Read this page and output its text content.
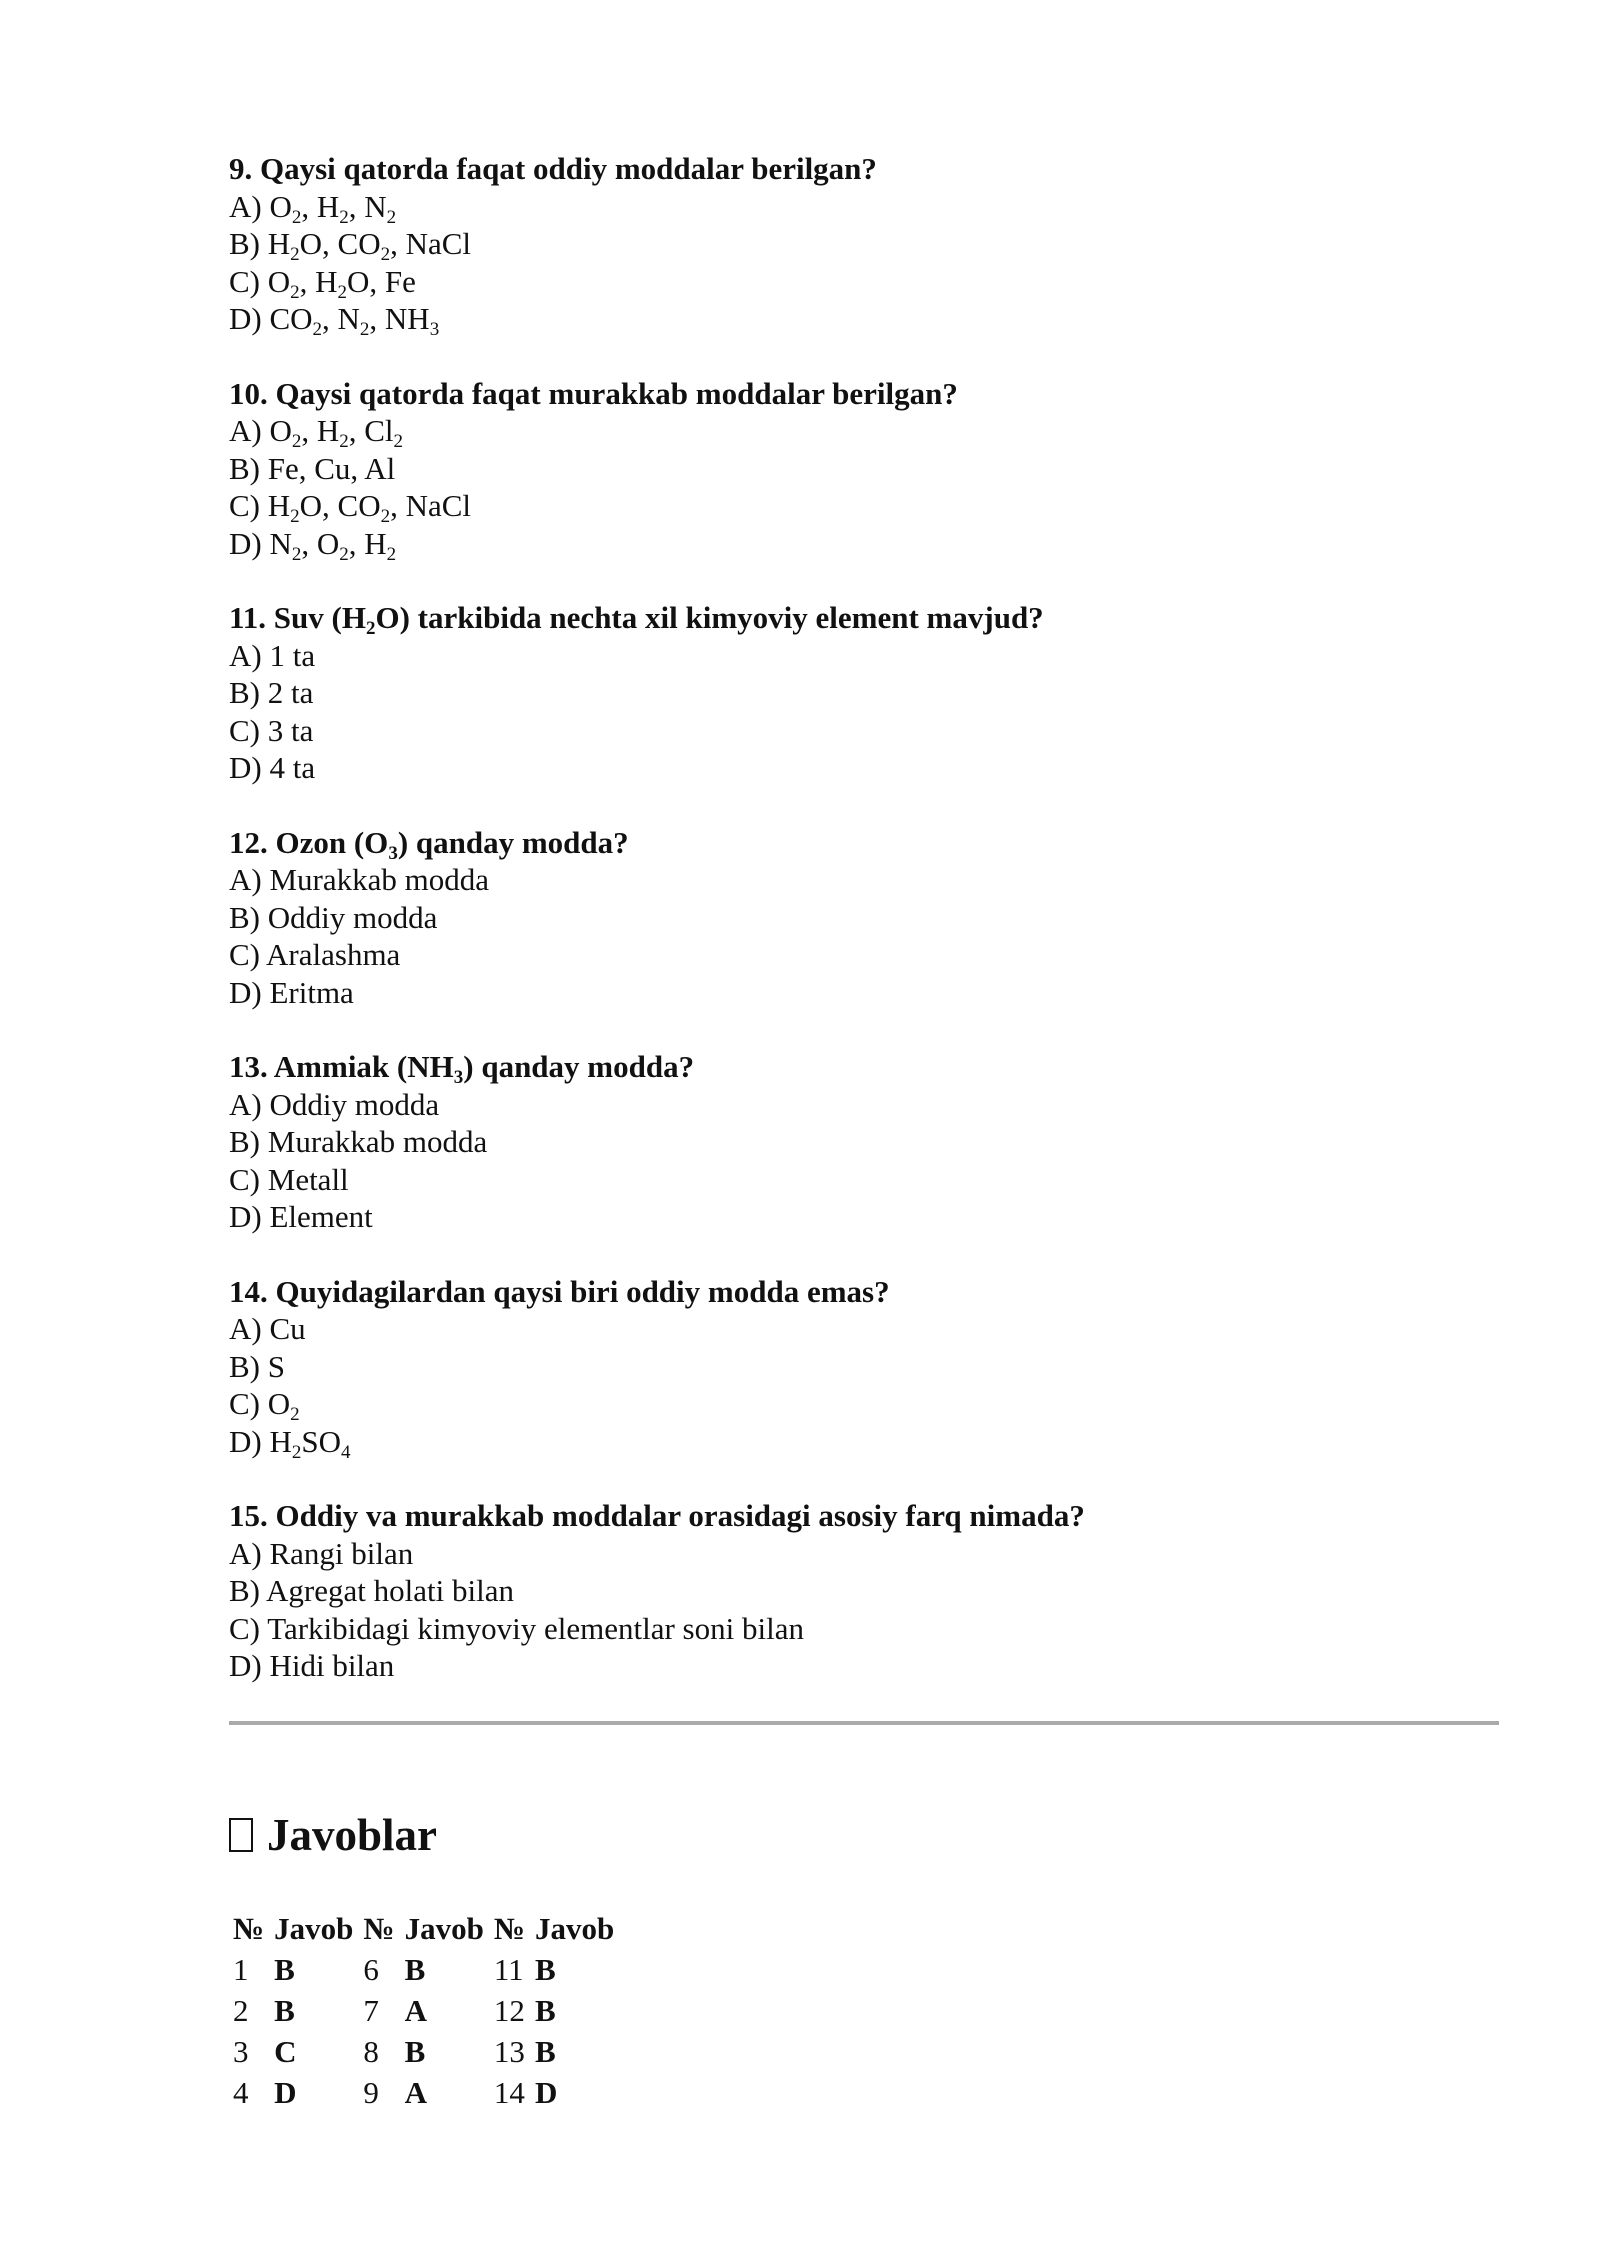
9. Qaysi qatorda faqat oddiy moddalar berilgan?
A) $O_2$, $H_2$, $N_2$
B) $H_2O$, $CO_2$, NaCl
C) $O_2$, $H_2O$, Fe
D) $CO_2$, $N_2$, $NH_3$
10. Qaysi qatorda faqat murakkab moddalar berilgan?
A) $O_2$, $H_2$, $Cl_2$
B) Fe, Cu, Al
C) $H_2O$, $CO_2$, NaCl
D) $N_2$, $O_2$, $H_2$
11. Suv $(H_2O)$ tarkibida nechta xil kimyoviy element mavjud?
A) 1 ta
B) 2 ta
C) 3 ta
D) 4 ta
12. Ozon $(O_3)$ qanday modda?
A) Murakkab modda
B) Oddiy modda
C) Aralashma
D) Eritma
13. Ammiak $(NH_3)$ qanday modda?
A) Oddiy modda
B) Murakkab modda
C) Metall
D) Element
14. Quyidagilardan qaysi biri oddiy modda emas?
A) Cu
B) S
C) $O_2$
D) $H_2SO_4$
15. Oddiy va murakkab moddalar orasidagi asosiy farq nimada?
A) Rangi bilan
B) Agregat holati bilan
C) Tarkibidagi kimyoviy elementlar soni bilan
D) Hidi bilan
Javoblar
№	Javob	№	Javob	№	Javob
1	B	6	B	11	B
2	B	7	A	12	B
3	C	8	B	13	B
4	D	9	A	14	D
